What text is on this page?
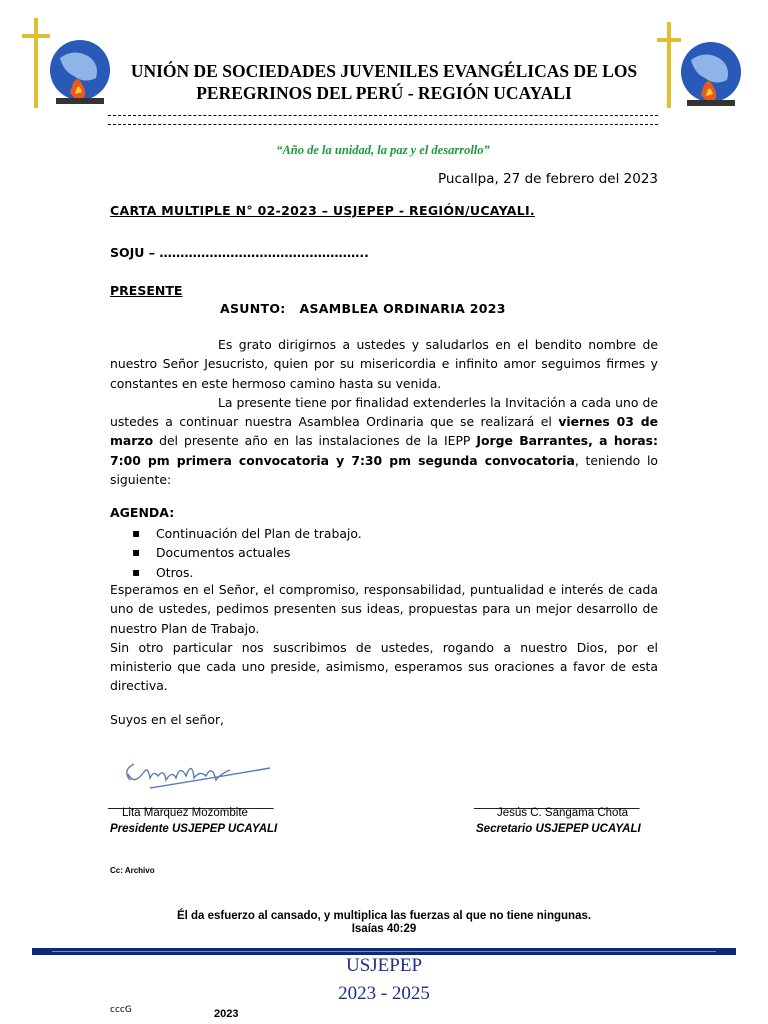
UNIÓN DE SOCIEDADES JUVENILES EVANGÉLICAS DE LOS
PEREGRINOS DEL PERÚ - REGIÓN UCAYALI
“Año de la unidad, la paz y el desarrollo”
Pucallpa, 27 de febrero del 2023
CARTA MULTIPLE N° 02-2023 – USJEPEP - REGIÓN/UCAYALI.
SOJU – …………………………………………..
PRESENTE
ASUNTO: ASAMBLEA ORDINARIA 2023

Es grato dirigirnos a ustedes y saludarlos en el bendito nombre de nuestro Señor Jesucristo, quien por su misericordia e infinito amor seguimos firmes y constantes en este hermoso camino hasta su venida.

La presente tiene por finalidad extenderles la Invitación a cada uno de ustedes a continuar nuestra Asamblea Ordinaria que se realizará el viernes 03 de marzo del presente año en las instalaciones de la IEPP Jorge Barrantes, a horas: 7:00 pm primera convocatoria y 7:30 pm segunda convocatoria, teniendo lo siguiente:

AGENDA:
▪ Continuación del Plan de trabajo.
▪ Documentos actuales
▪ Otros.

Esperamos en el Señor, el compromiso, responsabilidad, puntualidad e interés de cada uno de ustedes, pedimos presenten sus ideas, propuestas para un mejor desarrollo de nuestro Plan de Trabajo.

Sin otro particular nos suscribimos de ustedes, rogando a nuestro Dios, por el ministerio que cada uno preside, asimismo, esperamos sus oraciones a favor de esta directiva.

Suyos en el señor,
______________________________
Lita Marquez Mozombite
Presidente USJEPEP UCAYALI
______________________________
Jesús C. Sangama Chota
Secretario USJEPEP UCAYALI
Cc: Archivo
Él da esfuerzo al cansado, y multiplica las fuerzas al que no tiene ningunas.
Isaías 40:29
USJEPEP
2023 - 2025
cccG	2023
